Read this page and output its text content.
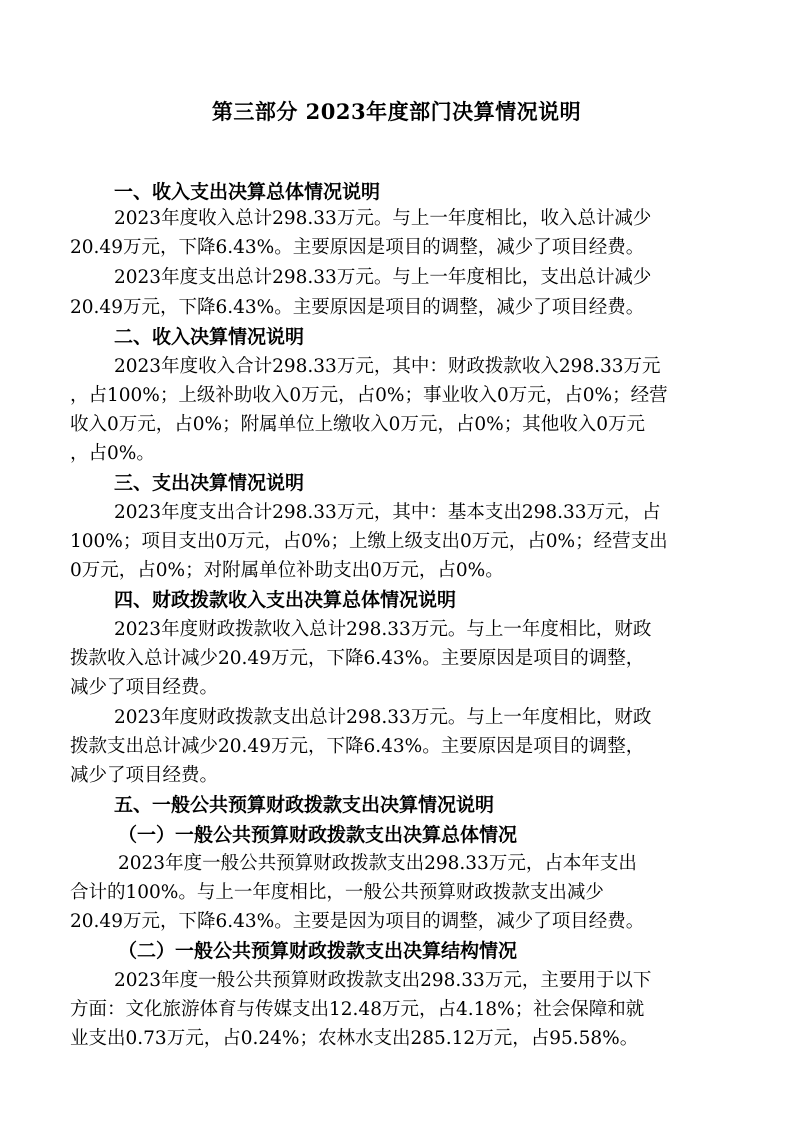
第三部分 2023年度部门决算情况说明
一、收入支出决算总体情况说明
2023年度收入总计298.33万元。与上一年度相比，收入总计减少
20.49万元，下降6.43%。主要原因是项目的调整，减少了项目经费。
2023年度支出总计298.33万元。与上一年度相比，支出总计减少
20.49万元，下降6.43%。主要原因是项目的调整，减少了项目经费。
二、收入决算情况说明
2023年度收入合计298.33万元，其中：财政拨款收入298.33万元
，占100%；上级补助收入0万元，占0%；事业收入0万元，占0%；经营
收入0万元，占0%；附属单位上缴收入0万元，占0%；其他收入0万元
，占0%。
三、支出决算情况说明
2023年度支出合计298.33万元，其中：基本支出298.33万元，占
100%；项目支出0万元，占0%；上缴上级支出0万元，占0%；经营支出
0万元，占0%；对附属单位补助支出0万元，占0%。
四、财政拨款收入支出决算总体情况说明
2023年度财政拨款收入总计298.33万元。与上一年度相比，财政
拨款收入总计减少20.49万元，下降6.43%。主要原因是项目的调整，
减少了项目经费。
2023年度财政拨款支出总计298.33万元。与上一年度相比，财政
拨款支出总计减少20.49万元，下降6.43%。主要原因是项目的调整，
减少了项目经费。
五、一般公共预算财政拨款支出决算情况说明
（一）一般公共预算财政拨款支出决算总体情况
2023年度一般公共预算财政拨款支出298.33万元，占本年支出
合计的100%。与上一年度相比，一般公共预算财政拨款支出减少
20.49万元，下降6.43%。主要是因为项目的调整，减少了项目经费。
（二）一般公共预算财政拨款支出决算结构情况
2023年度一般公共预算财政拨款支出298.33万元，主要用于以下
方面：文化旅游体育与传媒支出12.48万元，占4.18%；社会保障和就
业支出0.73万元，占0.24%；农林水支出285.12万元，占95.58%。
